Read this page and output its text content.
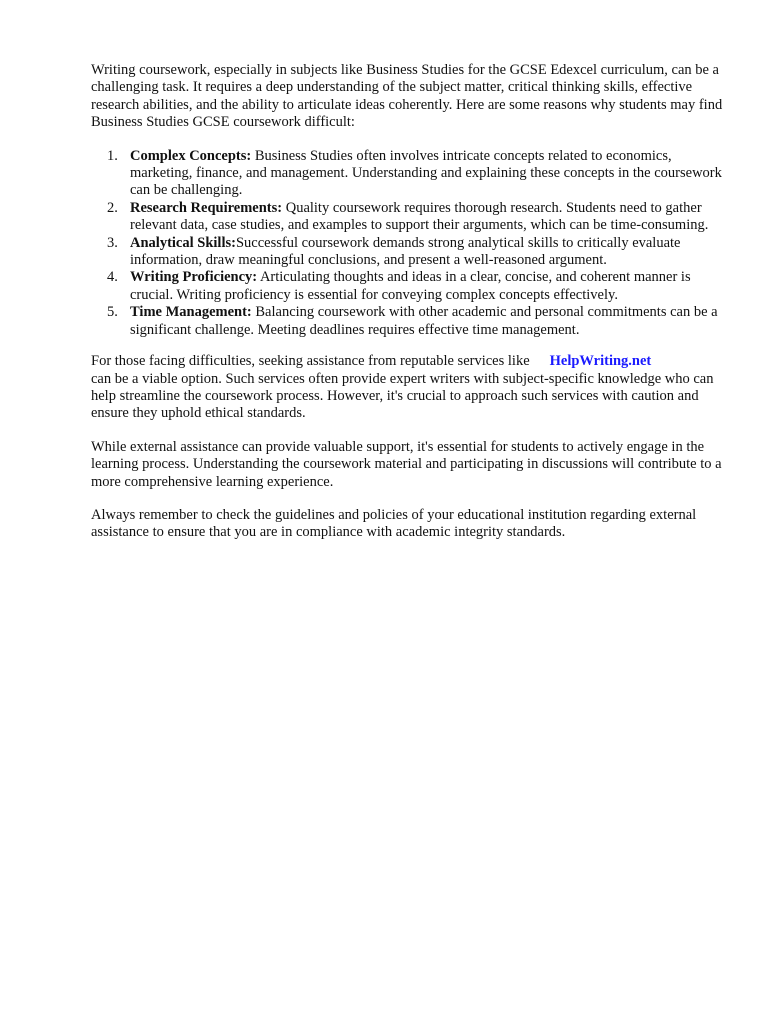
Writing coursework, especially in subjects like Business Studies for the GCSE Edexcel curriculum, can be a challenging task. It requires a deep understanding of the subject matter, critical thinking skills, effective research abilities, and the ability to articulate ideas coherently. Here are some reasons why students may find Business Studies GCSE coursework difficult:

1. Complex Concepts: Business Studies often involves intricate concepts related to economics, marketing, finance, and management. Understanding and explaining these concepts in the coursework can be challenging.
2. Research Requirements: Quality coursework requires thorough research. Students need to gather relevant data, case studies, and examples to support their arguments, which can be time-consuming.
3. Analytical Skills:Successful coursework demands strong analytical skills to critically evaluate information, draw meaningful conclusions, and present a well-reasoned argument.
4. Writing Proficiency: Articulating thoughts and ideas in a clear, concise, and coherent manner is crucial. Writing proficiency is essential for conveying complex concepts effectively.
5. Time Management: Balancing coursework with other academic and personal commitments can be a significant challenge. Meeting deadlines requires effective time management.

For those facing difficulties, seeking assistance from reputable services like HelpWriting.net
can be a viable option. Such services often provide expert writers with subject-specific knowledge who can help streamline the coursework process. However, it's crucial to approach such services with caution and ensure they uphold ethical standards.

While external assistance can provide valuable support, it's essential for students to actively engage in the learning process. Understanding the coursework material and participating in discussions will contribute to a more comprehensive learning experience.

Always remember to check the guidelines and policies of your educational institution regarding external assistance to ensure that you are in compliance with academic integrity standards.
